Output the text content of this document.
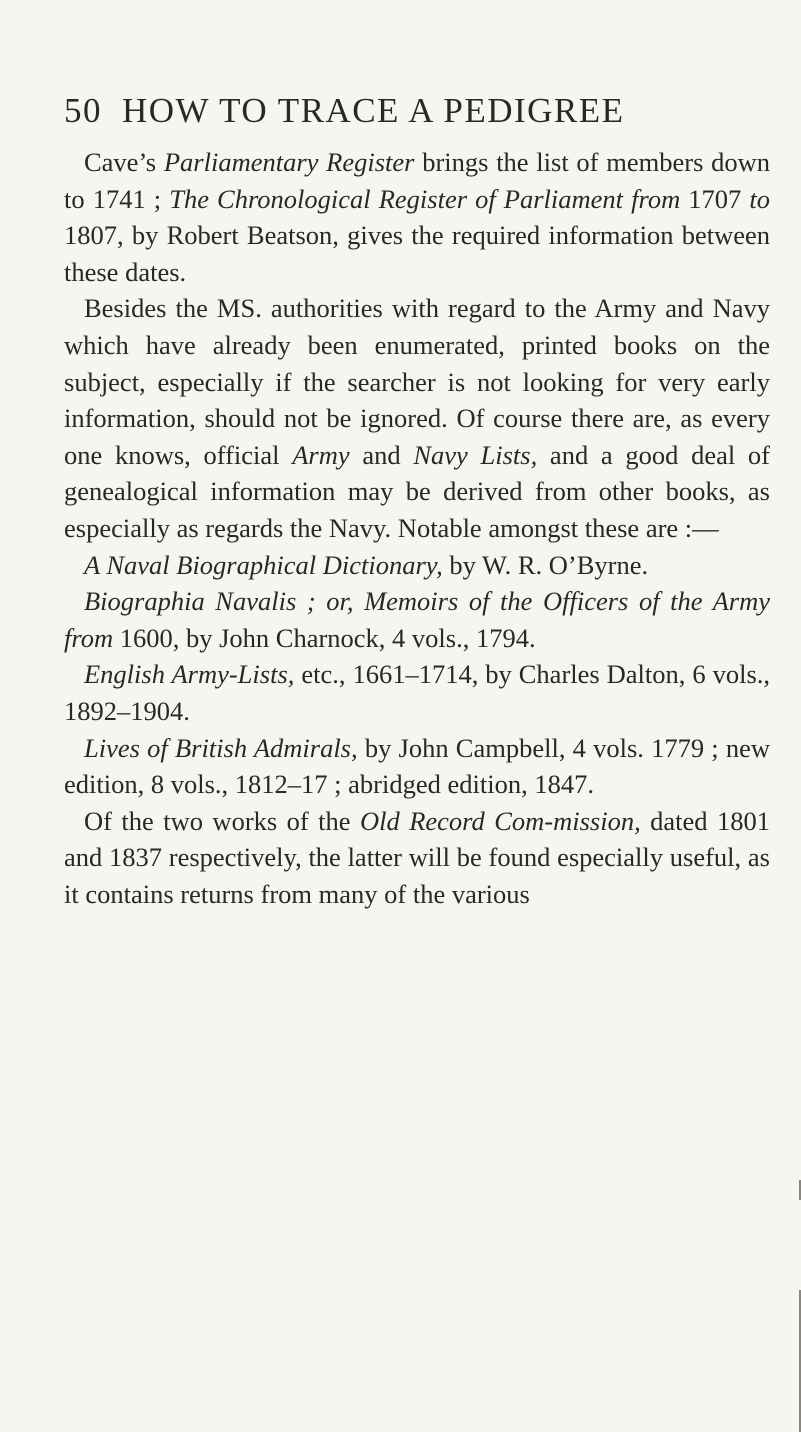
50 HOW TO TRACE A PEDIGREE

Cave’s Parliamentary Register brings the list of members down to 1741 ; The Chronological Register of Parliament from 1707 to 1807, by Robert Beatson, gives the required information between these dates.

Besides the MS. authorities with regard to the Army and Navy which have already been enumerated, printed books on the subject, especially if the searcher is not looking for very early information, should not be ignored. Of course there are, as every one knows, official Army and Navy Lists, and a good deal of genealogical information may be derived from other books, as especially as regards the Navy. Notable amongst these are :—

A Naval Biographical Dictionary, by W. R. O’Byrne.

Biographia Navalis ; or, Memoirs of the Officers of the Army from 1600, by John Charnock, 4 vols., 1794.

English Army-Lists, etc., 1661–1714, by Charles Dalton, 6 vols., 1892–1904.

Lives of British Admirals, by John Campbell, 4 vols. 1779 ; new edition, 8 vols., 1812–17 ; abridged edition, 1847.

Of the two works of the Old Record Com-mission, dated 1801 and 1837 respectively, the latter will be found especially useful, as it contains returns from many of the various
